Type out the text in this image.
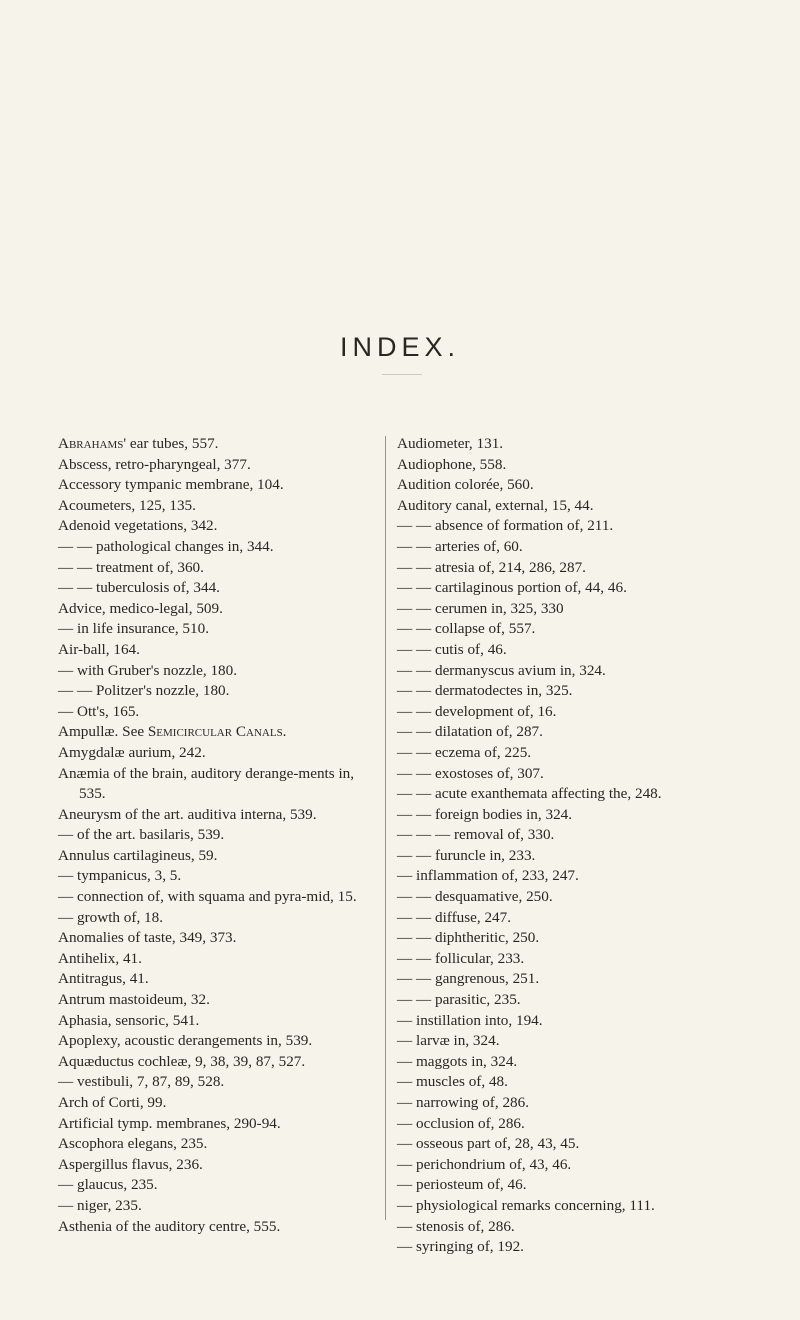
INDEX.
Abrahams' ear tubes, 557.
Abscess, retro-pharyngeal, 377.
Accessory tympanic membrane, 104.
Acoumeters, 125, 135.
Adenoid vegetations, 342.
— — pathological changes in, 344.
— — treatment of, 360.
— — tuberculosis of, 344.
Advice, medico-legal, 509.
— in life insurance, 510.
Air-ball, 164.
— with Gruber's nozzle, 180.
— — Politzer's nozzle, 180.
— Ott's, 165.
Ampullæ. See Semicircular Canals.
Amygdalæ aurium, 242.
Anæmia of the brain, auditory derange-ments in, 535.
Aneurysm of the art. auditiva interna, 539.
— of the art. basilaris, 539.
Annulus cartilagineus, 59.
— tympanicus, 3, 5.
— connection of, with squama and pyra-mid, 15.
— growth of, 18.
Anomalies of taste, 349, 373.
Antihelix, 41.
Antitragus, 41.
Antrum mastoideum, 32.
Aphasia, sensoric, 541.
Apoplexy, acoustic derangements in, 539.
Aquæductus cochleæ, 9, 38, 39, 87, 527.
— vestibuli, 7, 87, 89, 528.
Arch of Corti, 99.
Artificial tymp. membranes, 290-94.
Ascophora elegans, 235.
Aspergillus flavus, 236.
— glaucus, 235.
— niger, 235.
Asthenia of the auditory centre, 555.
Audiometer, 131.
Audiophone, 558.
Audition colorée, 560.
Auditory canal, external, 15, 44.
— — absence of formation of, 211.
— — arteries of, 60.
— — atresia of, 214, 286, 287.
— — cartilaginous portion of, 44, 46.
— — cerumen in, 325, 330
— — collapse of, 557.
— — cutis of, 46.
— — dermanyscus avium in, 324.
— — dermatodectes in, 325.
— — development of, 16.
— — dilatation of, 287.
— — eczema of, 225.
— — exostoses of, 307.
— — acute exanthemata affecting the, 248.
— — foreign bodies in, 324.
— — — removal of, 330.
— — furuncle in, 233.
— inflammation of, 233, 247.
— — desquamative, 250.
— — diffuse, 247.
— — diphtheritic, 250.
— — follicular, 233.
— — gangrenous, 251.
— — parasitic, 235.
— instillation into, 194.
— larvæ in, 324.
— maggots in, 324.
— muscles of, 48.
— narrowing of, 286.
— occlusion of, 286.
— osseous part of, 28, 43, 45.
— perichondrium of, 43, 46.
— periosteum of, 46.
— physiological remarks concerning, 111.
— stenosis of, 286.
— syringing of, 192.
